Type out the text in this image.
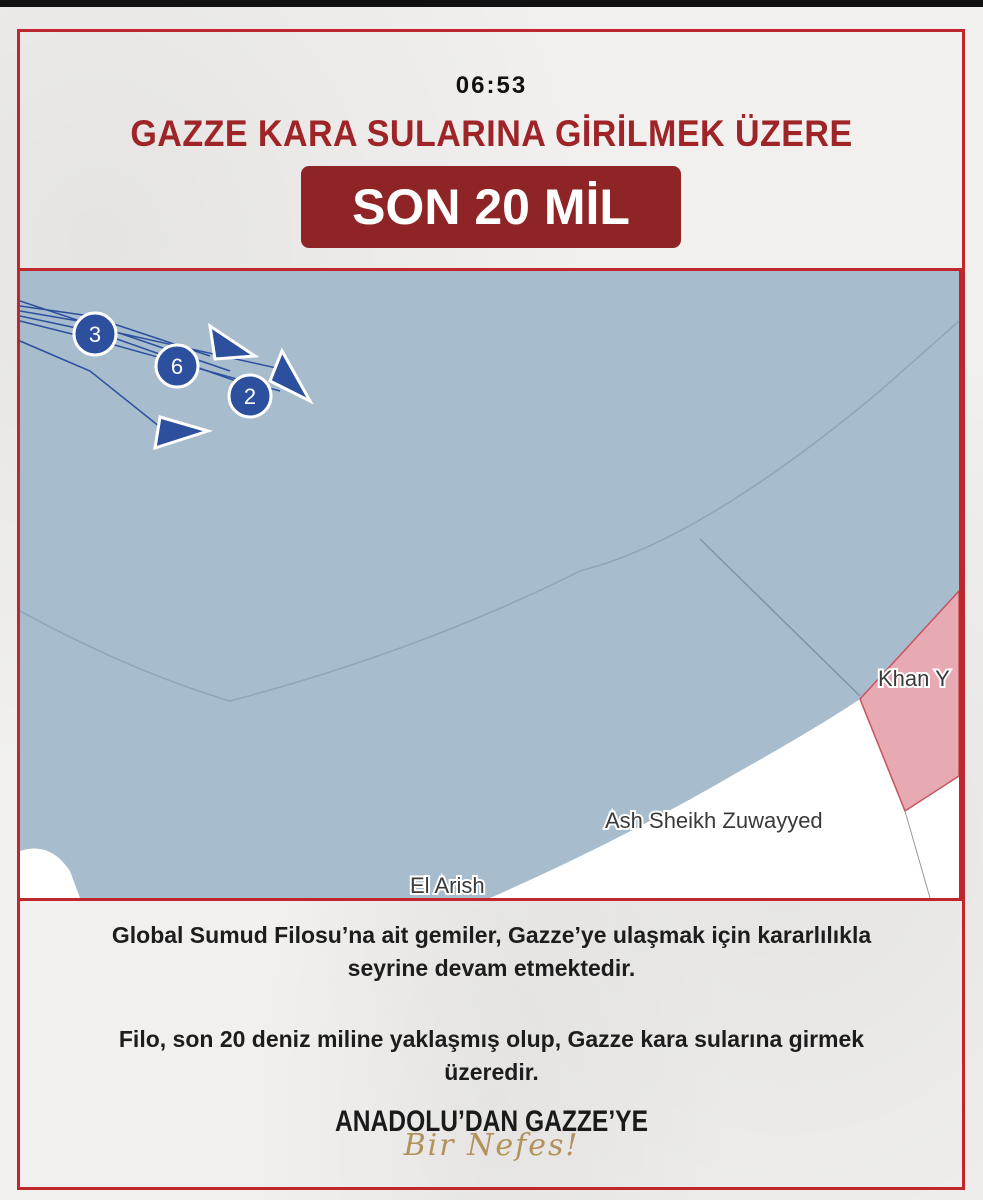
06:53
GAZZE KARA SULARINA GİRİLMEK ÜZERE
SON 20 MİL
3
6
2
Khan Y
Ash Sheikh Zuwayyed
El Arish
Global Sumud Filosu’na ait gemiler, Gazze’ye ulaşmak için kararlılıkla seyrine devam etmektedir.
Filo, son 20 deniz miline yaklaşmış olup, Gazze kara sularına girmek üzeredir.
ANADOLU’DAN GAZZE’YE
Bir Nefes!
